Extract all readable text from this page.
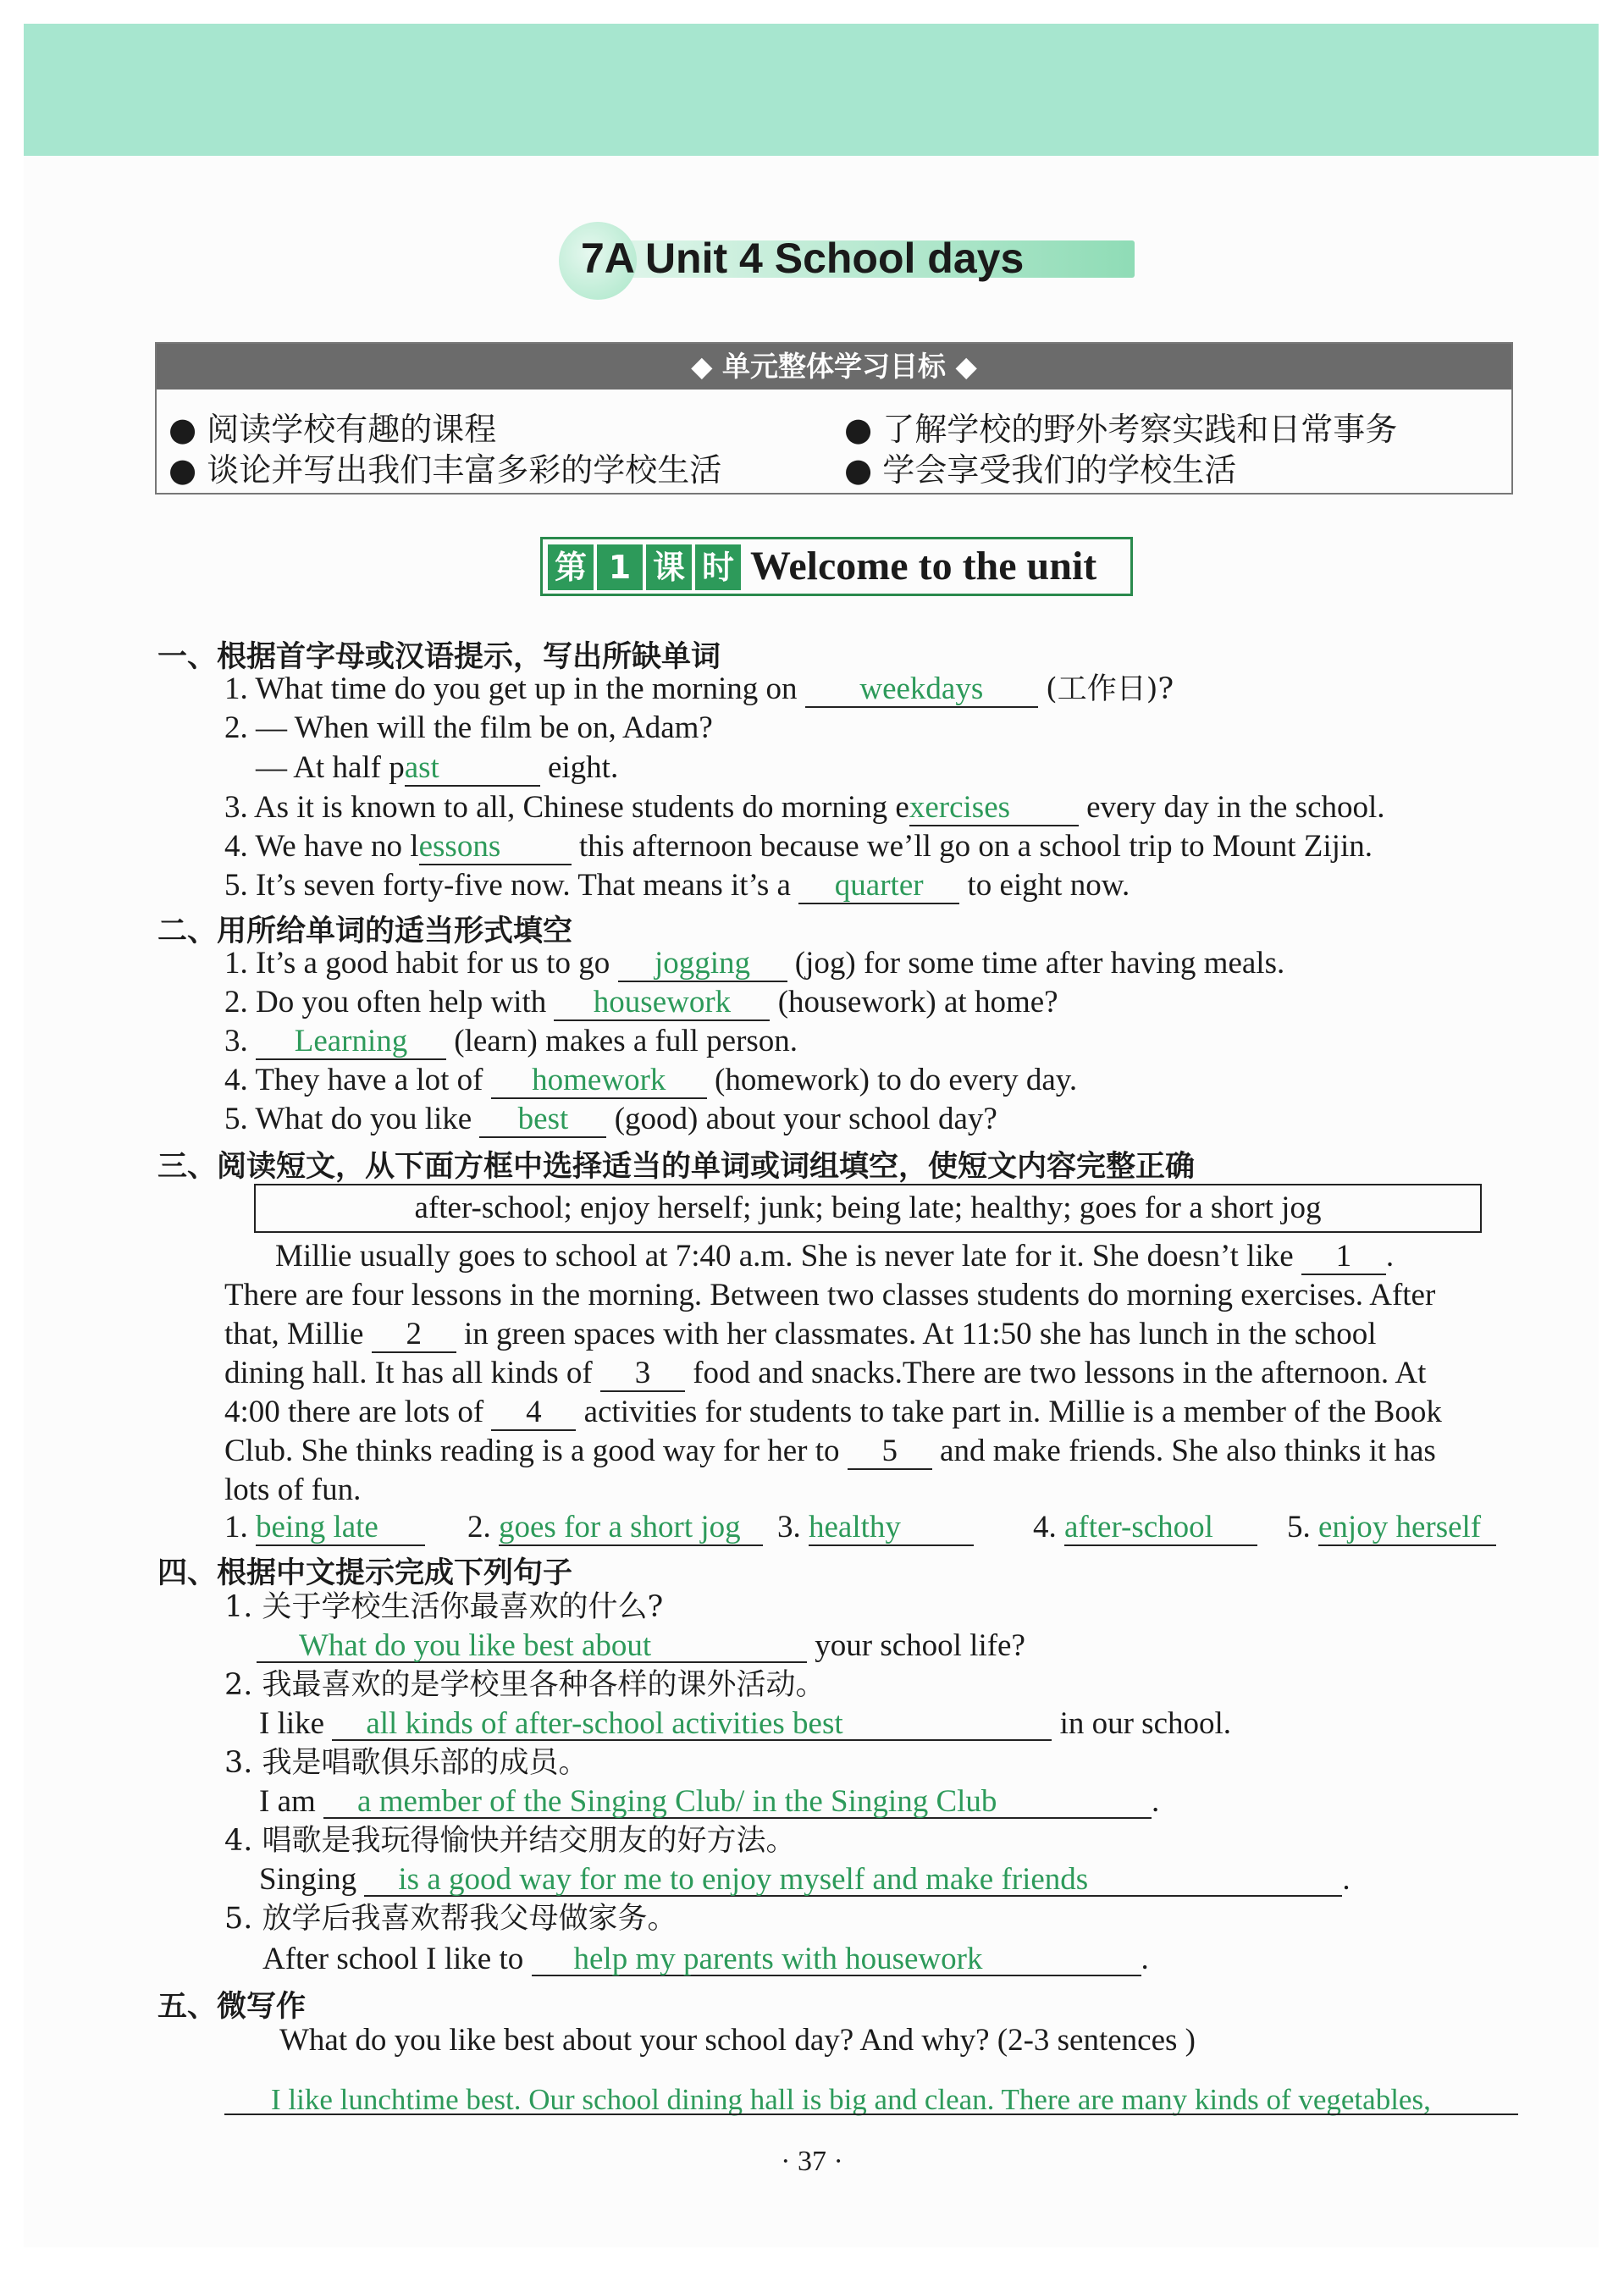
7A Unit 4 School days
◆ 单元整体学习目标 ◆
● 阅读学校有趣的课程	● 了解学校的野外考察实践和日常事务
● 谈论并写出我们丰富多彩的学校生活	● 学会享受我们的学校生活
第 1 课 时 Welcome to the unit
一、根据首字母或汉语提示，写出所缺单词
1. What time do you get up in the morning on weekdays (工作日)?
2. — When will the film be on, Adam?
— At half past	eight.
3. As it is known to all, Chinese students do morning exercises every day in the school.
4. We have no lessons	this afternoon because we’ll go on a school trip to Mount Zijin.
5. It’s seven forty-five now. That means it’s a quarter to eight now.
二、用所给单词的适当形式填空
1. It’s a good habit for us to go jogging (jog) for some time after having meals.
2. Do you often help with housework (housework) at home?
3. Learning (learn) makes a full person.
4. They have a lot of homework (homework) to do every day.
5. What do you like best (good) about your school day?
三、阅读短文，从下面方框中选择适当的单词或词组填空，使短文内容完整正确
after-school; enjoy herself; junk; being late; healthy; goes for a short jog
Millie usually goes to school at 7:40 a.m. She is never late for it. She doesn’t like 1 .
There are four lessons in the morning. Between two classes students do morning exercises. After
that, Millie 2 in green spaces with her classmates. At 11:50 she has lunch in the school
dining hall. It has all kinds of 3 food and snacks.There are two lessons in the afternoon. At
4:00 there are lots of 4 activities for students to take part in. Millie is a member of the Book
Club. She thinks reading is a good way for her to 5 and make friends. She also thinks it has
lots of fun.
1. being late	2. goes for a short jog	3. healthy	4. after-school	5. enjoy herself
四、根据中文提示完成下列句子
1. 关于学校生活你最喜欢的什么?
What do you like best about	your school life?
2. 我最喜欢的是学校里各种各样的课外活动。
I like all kinds of after-school activities best	in our school.
3. 我是唱歌俱乐部的成员。
I am a member of the Singing Club/ in the Singing Club	.
4. 唱歌是我玩得愉快并结交朋友的好方法。
Singing is a good way for me to enjoy myself and make friends	.
5. 放学后我喜欢帮我父母做家务。
After school I like to help my parents with housework	.
五、微写作
What do you like best about your school day? And why? (2-3 sentences )
I like lunchtime best. Our school dining hall is big and clean. There are many kinds of vegetables,
· 37 ·
